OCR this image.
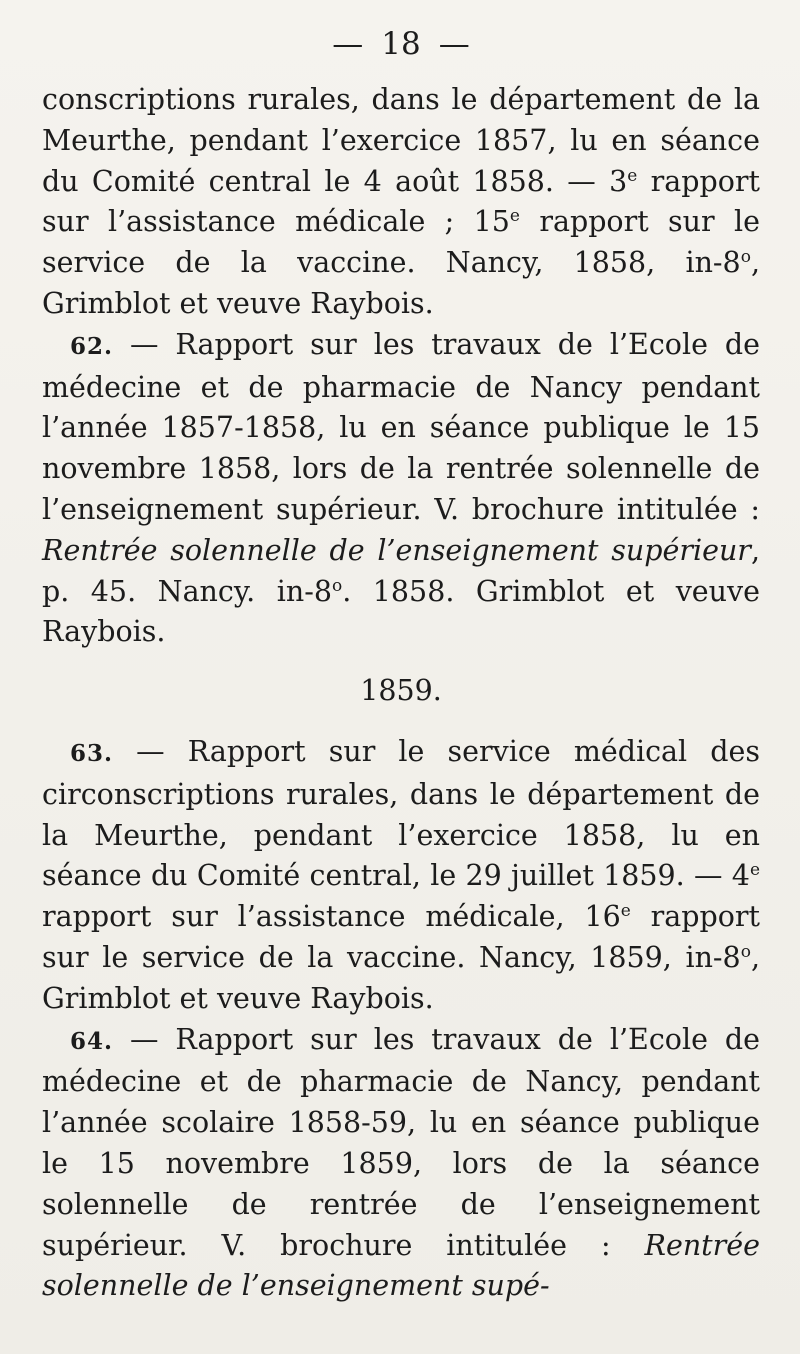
— 18 —

conscriptions rurales, dans le département de la Meurthe, pendant l’exercice 1857, lu en séance du Comité central le 4 août 1858. — 3e rapport sur l’assistance médicale ; 15e rapport sur le service de la vaccine. Nancy, 1858, in-8$^o$, Grimblot et veuve Raybois.

62. — Rapport sur les travaux de l’Ecole de médecine et de pharmacie de Nancy pendant l’année 1857-1858, lu en séance publique le 15 novembre 1858, lors de la rentrée solennelle de l’enseignement supérieur. V. brochure intitulée : Rentrée solennelle de l’enseignement supérieur, p. 45. Nancy. in-8$^o$. 1858. Grimblot et veuve Raybois.

1859.

63. — Rapport sur le service médical des circonscriptions rurales, dans le département de la Meurthe, pendant l’exercice 1858, lu en séance du Comité central, le 29 juillet 1859. — 4e rapport sur l’assistance médicale, 16e rapport sur le service de la vaccine. Nancy, 1859, in-8$^o$, Grimblot et veuve Raybois.

64. — Rapport sur les travaux de l’Ecole de médecine et de pharmacie de Nancy, pendant l’année scolaire 1858-59, lu en séance publique le 15 novembre 1859, lors de la séance solennelle de rentrée de l’enseignement supérieur. V. brochure intitulée : Rentrée solennelle de l’enseignement supé-
